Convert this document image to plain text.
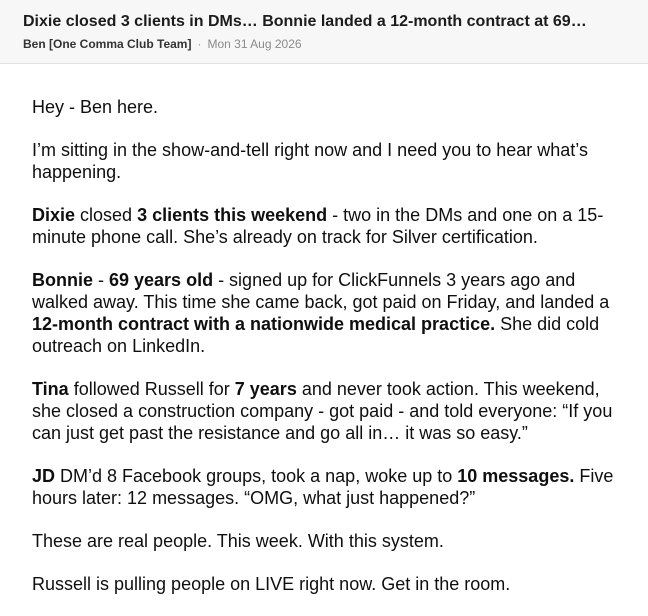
Dixie closed 3 clients in DMs… Bonnie landed a 12-month contract at 69…
Ben [One Comma Club Team] · Mon 31 Aug 2026

Hey - Ben here.

I’m sitting in the show-and-tell right now and I need you to hear what’s happening.

Dixie closed 3 clients this weekend - two in the DMs and one on a 15-minute phone call. She’s already on track for Silver certification.

Bonnie - 69 years old - signed up for ClickFunnels 3 years ago and walked away. This time she came back, got paid on Friday, and landed a 12-month contract with a nationwide medical practice. She did cold outreach on LinkedIn.

Tina followed Russell for 7 years and never took action. This weekend, she closed a construction company - got paid - and told everyone: “If you can just get past the resistance and go all in… it was so easy.”

JD DM’d 8 Facebook groups, took a nap, woke up to 10 messages. Five hours later: 12 messages. “OMG, what just happened?”

These are real people. This week. With this system.

Russell is pulling people on LIVE right now. Get in the room.
